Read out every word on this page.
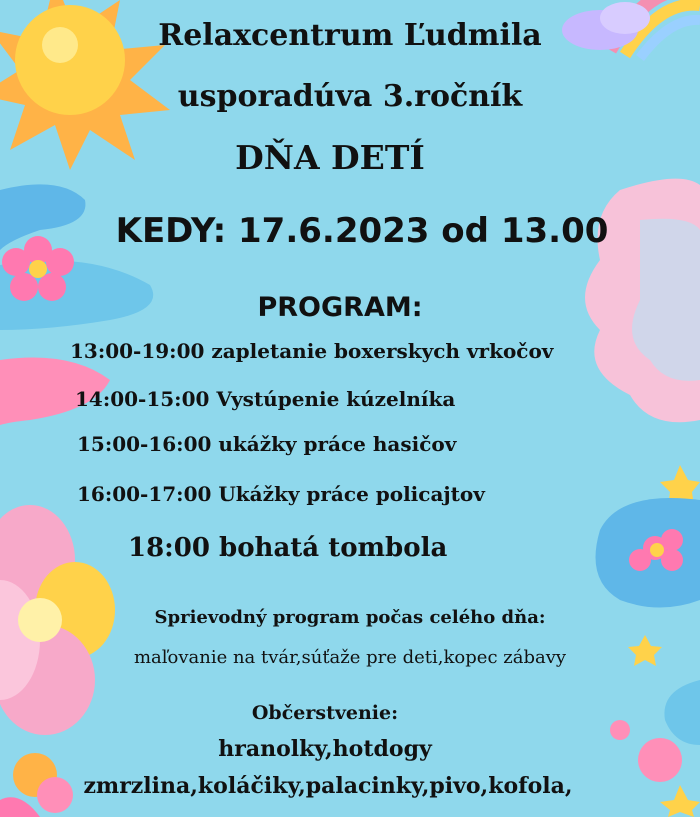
Relaxcentrum Ľudmila
usporadúva 3.ročník
DŇA DETÍ
KEDY: 17.6.2023 od 13.00
PROGRAM:
13:00-19:00 zapletanie boxerskych vrkočov
14:00-15:00 Vystúpenie kúzelníka
15:00-16:00 ukážky práce hasičov
16:00-17:00 Ukážky práce policajtov
18:00 bohatá tombola
Sprievodný program počas celého dňa:
maľovanie na tvár,súťaže pre deti,kopec zábavy
Občerstvenie:
hranolky,hotdogy
zmrzlina,koláčiky,palacinky,pivo,kofola,
